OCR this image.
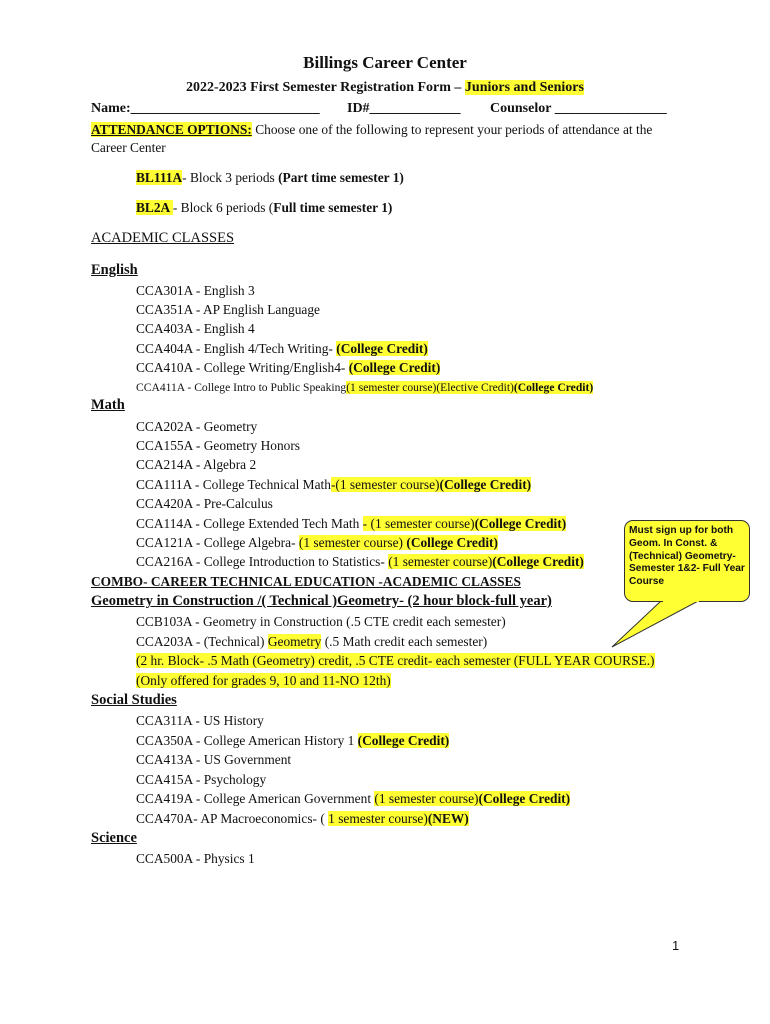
Billings Career Center
2022-2023 First Semester Registration Form – Juniors and Seniors
Name:___________________________ ID#_____________ Counselor ________________
ATTENDANCE OPTIONS: Choose one of the following to represent your periods of attendance at the
Career Center
BL111A- Block 3 periods (Part time semester 1)
BL2A - Block 6 periods (Full time semester 1)
ACADEMIC CLASSES
English
CCA301A - English 3
CCA351A - AP English Language
CCA403A - English 4
CCA404A - English 4/Tech Writing- (College Credit)
CCA410A - College Writing/English4- (College Credit)
CCA411A - College Intro to Public Speaking(1 semester course)(Elective Credit)(College Credit)
Math
CCA202A - Geometry
CCA155A - Geometry Honors
CCA214A - Algebra 2
CCA111A - College Technical Math-(1 semester course)(College Credit)
CCA420A - Pre-Calculus
CCA114A - College Extended Tech Math - (1 semester course)(College Credit)
CCA121A - College Algebra- (1 semester course) (College Credit)
CCA216A - College Introduction to Statistics- (1 semester course)(College Credit)
COMBO- CAREER TECHNICAL EDUCATION -ACADEMIC CLASSES
Geometry in Construction /( Technical )Geometry- (2 hour block-full year)
CCB103A - Geometry in Construction (.5 CTE credit each semester)
CCA203A - (Technical) Geometry (.5 Math credit each semester)
(2 hr. Block- .5 Math (Geometry) credit, .5 CTE credit- each semester (FULL YEAR COURSE.)
(Only offered for grades 9, 10 and 11-NO 12th)
Social Studies
CCA311A - US History
CCA350A - College American History 1 (College Credit)
CCA413A - US Government
CCA415A - Psychology
CCA419A - College American Government (1 semester course)(College Credit)
CCA470A- AP Macroeconomics- ( 1 semester course)(NEW)
Science
CCA500A - Physics 1
Must sign up for both Geom. In Const. & (Technical) Geometry-Semester 1&2- Full Year Course
1
